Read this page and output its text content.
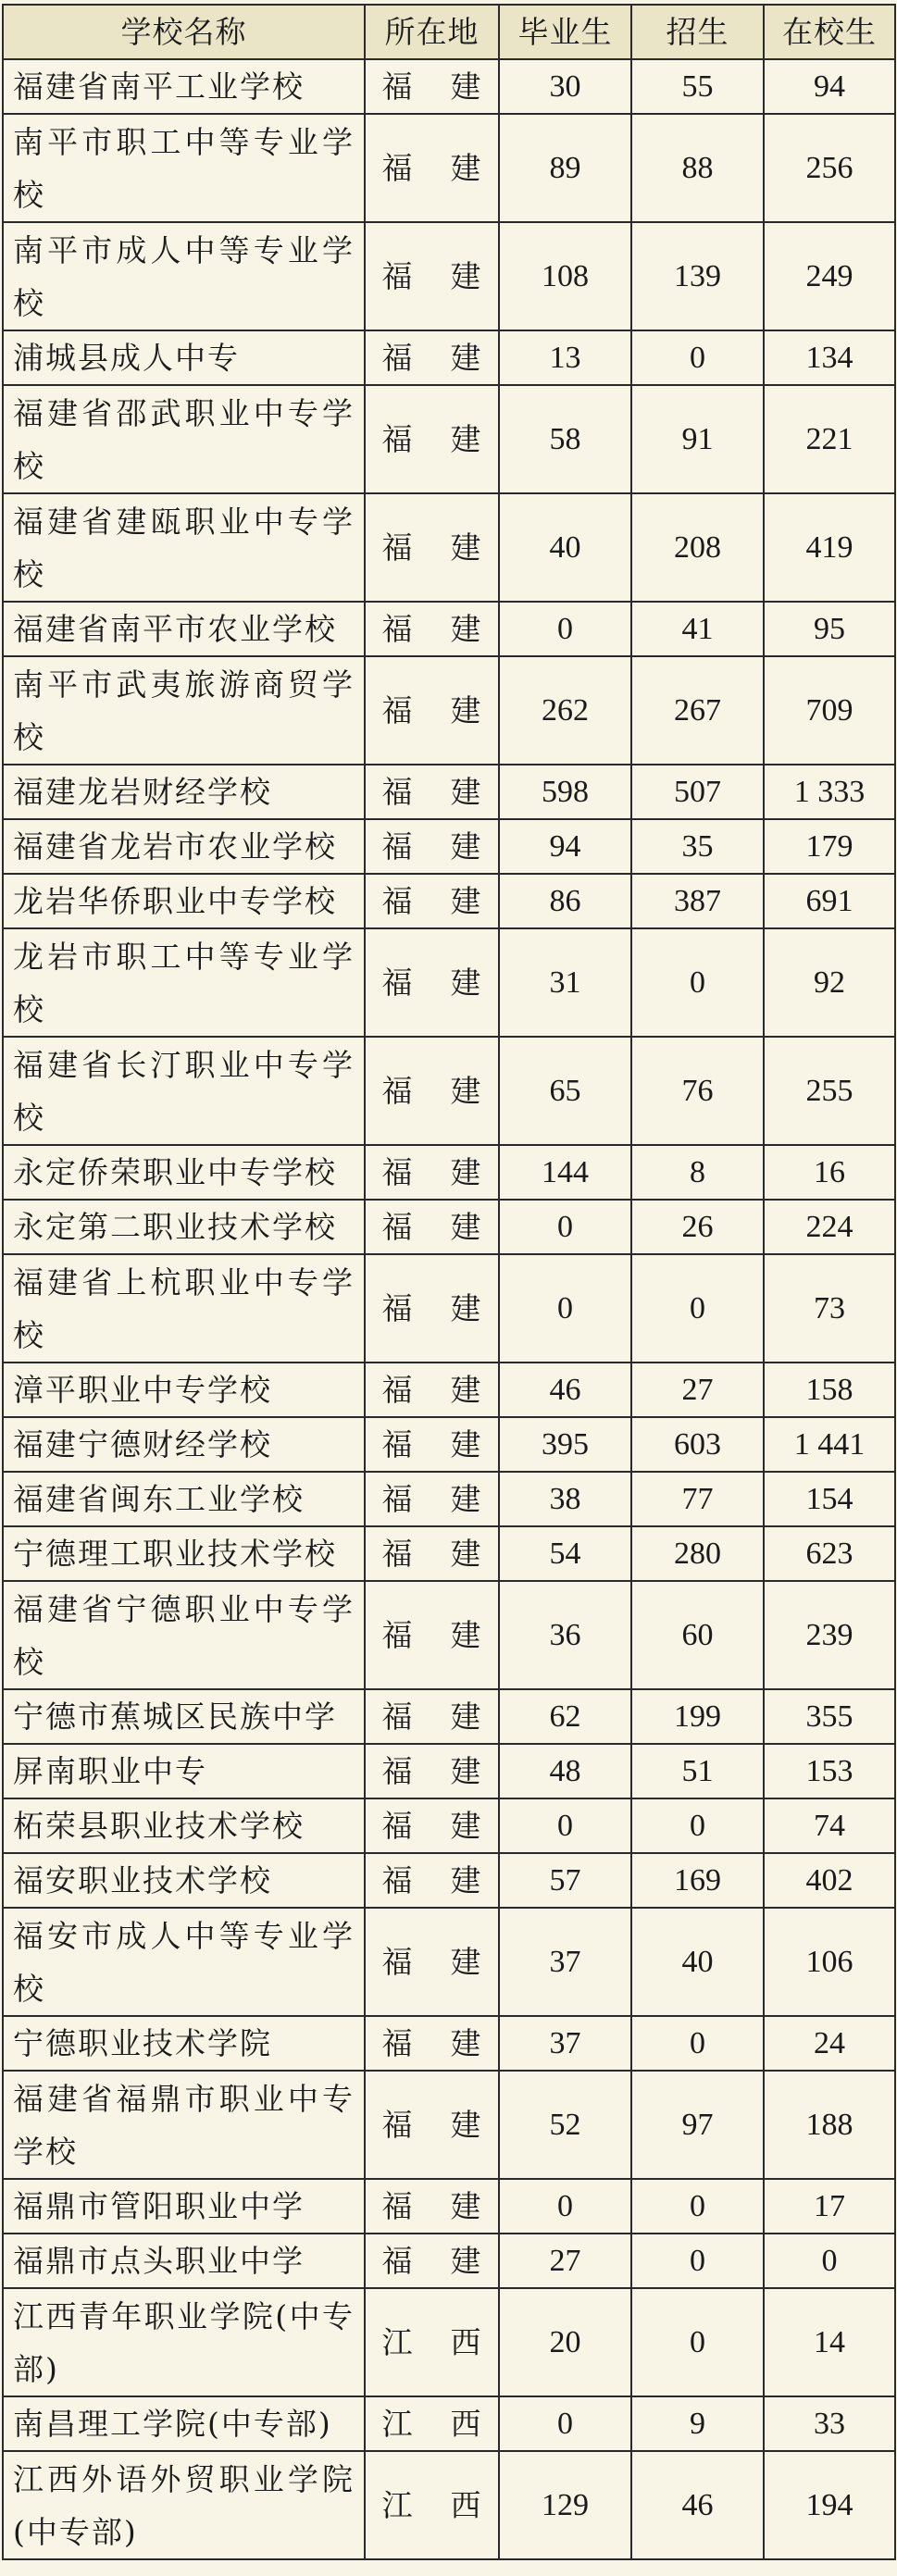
学校名称	所在地	毕业生	招生	在校生
福建省南平工业学校	福 建	30	55	94
南平市职工中等专业学校	福 建	89	88	256
南平市成人中等专业学校	福 建	108	139	249
浦城县成人中专	福 建	13	0	134
福建省邵武职业中专学校	福 建	58	91	221
福建省建瓯职业中专学校	福 建	40	208	419
福建省南平市农业学校	福 建	0	41	95
南平市武夷旅游商贸学校	福 建	262	267	709
福建龙岩财经学校	福 建	598	507	1 333
福建省龙岩市农业学校	福 建	94	35	179
龙岩华侨职业中专学校	福 建	86	387	691
龙岩市职工中等专业学校	福 建	31	0	92
福建省长汀职业中专学校	福 建	65	76	255
永定侨荣职业中专学校	福 建	144	8	16
永定第二职业技术学校	福 建	0	26	224
福建省上杭职业中专学校	福 建	0	0	73
漳平职业中专学校	福 建	46	27	158
福建宁德财经学校	福 建	395	603	1 441
福建省闽东工业学校	福 建	38	77	154
宁德理工职业技术学校	福 建	54	280	623
福建省宁德职业中专学校	福 建	36	60	239
宁德市蕉城区民族中学	福 建	62	199	355
屏南职业中专	福 建	48	51	153
柘荣县职业技术学校	福 建	0	0	74
福安职业技术学校	福 建	57	169	402
福安市成人中等专业学校	福 建	37	40	106
宁德职业技术学院	福 建	37	0	24
福建省福鼎市职业中专学校	福 建	52	97	188
福鼎市管阳职业中学	福 建	0	0	17
福鼎市点头职业中学	福 建	27	0	0
江西青年职业学院(中专部)	江 西	20	0	14
南昌理工学院(中专部)	江 西	0	9	33
江西外语外贸职业学院(中专部)	江 西	129	46	194
